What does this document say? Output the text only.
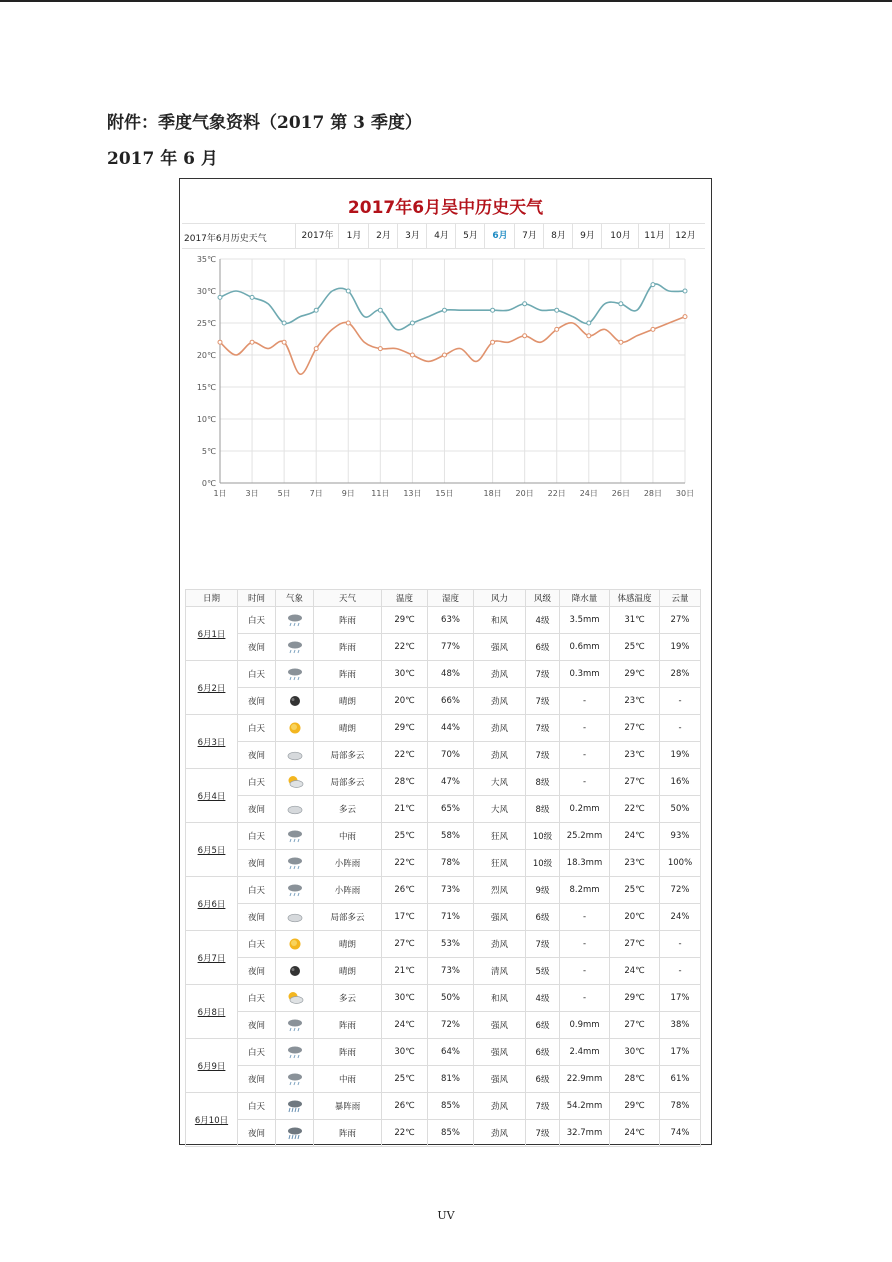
附件：季度气象资料（2017 第 3 季度）
2017 年 6 月
2017年6月吴中历史天气
2017年6月历史天气	2017年	1月	2月	3月	4月	5月	6月	7月	8月	9月	10月	11月	12月
35℃
30℃
25℃
20℃
15℃
10℃
5℃
0℃
1日 3日 5日 7日 9日 11日 13日 15日	18日 20日 22日 24日 26日 28日 30日
日期	时间	气象	天气	温度	湿度	风力	风级	降水量	体感温度	云量
6月1日	白天		阵雨	29℃	63%	和风	4级	3.5mm	31℃	27%
	夜间		阵雨	22℃	77%	强风	6级	0.6mm	25℃	19%
6月2日	白天		阵雨	30℃	48%	劲风	7级	0.3mm	29℃	28%
	夜间		晴朗	20℃	66%	劲风	7级	-	23℃	-
6月3日	白天		晴朗	29℃	44%	劲风	7级	-	27℃	-
	夜间		局部多云	22℃	70%	劲风	7级	-	23℃	19%
6月4日	白天		局部多云	28℃	47%	大风	8级	-	27℃	16%
	夜间		多云	21℃	65%	大风	8级	0.2mm	22℃	50%
6月5日	白天		中雨	25℃	58%	狂风	10级	25.2mm	24℃	93%
	夜间		小阵雨	22℃	78%	狂风	10级	18.3mm	23℃	100%
6月6日	白天		小阵雨	26℃	73%	烈风	9级	8.2mm	25℃	72%
	夜间		局部多云	17℃	71%	强风	6级	-	20℃	24%
6月7日	白天		晴朗	27℃	53%	劲风	7级	-	27℃	-
	夜间		晴朗	21℃	73%	清风	5级	-	24℃	-
6月8日	白天		多云	30℃	50%	和风	4级	-	29℃	17%
	夜间		阵雨	24℃	72%	强风	6级	0.9mm	27℃	38%
6月9日	白天		阵雨	30℃	64%	强风	6级	2.4mm	30℃	17%
	夜间		中雨	25℃	81%	强风	6级	22.9mm	28℃	61%
6月10日	白天		暴阵雨	26℃	85%	劲风	7级	54.2mm	29℃	78%
	夜间		阵雨	22℃	85%	劲风	7级	32.7mm	24℃	74%
UV
